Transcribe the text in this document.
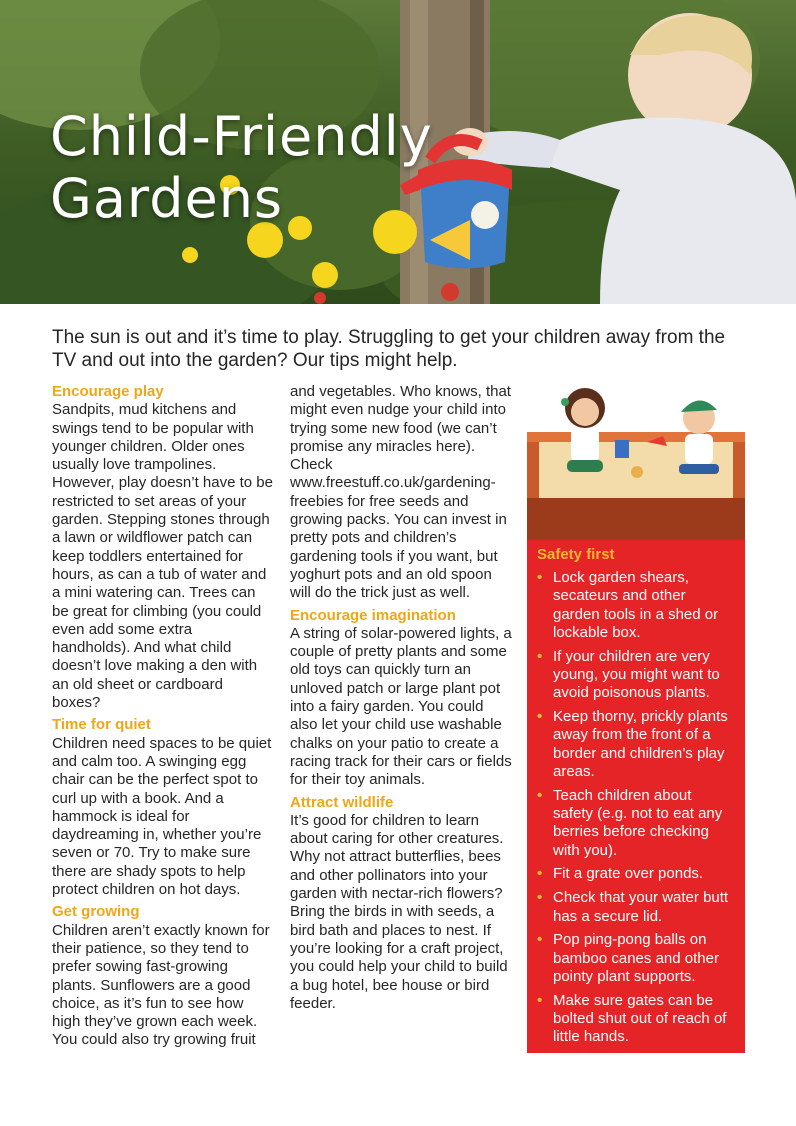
Child-Friendly
Gardens

The sun is out and it’s time to play. Struggling to get your children away from the TV and out into the garden? Our tips might help.

Encourage play

Sandpits, mud kitchens and swings tend to be popular with younger children. Older ones usually love trampolines. However, play doesn’t have to be restricted to set areas of your garden. Stepping stones through a lawn or wildflower patch can keep toddlers entertained for hours, as can a tub of water and a mini watering can. Trees can be great for climbing (you could even add some extra handholds). And what child doesn’t love making a den with an old sheet or cardboard boxes?

Time for quiet

Children need spaces to be quiet and calm too. A swinging egg chair can be the perfect spot to curl up with a book. And a hammock is ideal for daydreaming in, whether you’re seven or 70. Try to make sure there are shady spots to help protect children on hot days.

Get growing

Children aren’t exactly known for their patience, so they tend to prefer sowing fast-growing plants. Sunflowers are a good choice, as it’s fun to see how high they’ve grown each week. You could also try growing fruit

and vegetables. Who knows, that might even nudge your child into trying some new food (we can’t promise any miracles here). Check www.freestuff.co.uk/gardening-freebies for free seeds and growing packs. You can invest in pretty pots and children’s gardening tools if you want, but yoghurt pots and an old spoon will do the trick just as well.

Encourage imagination

A string of solar-powered lights, a couple of pretty plants and some old toys can quickly turn an unloved patch or large plant pot into a fairy garden. You could also let your child use washable chalks on your patio to create a racing track for their cars or fields for their toy animals.

Attract wildlife

It’s good for children to learn about caring for other creatures. Why not attract butterflies, bees and other pollinators into your garden with nectar-rich flowers? Bring the birds in with seeds, a bird bath and places to nest. If you’re looking for a craft project, you could help your child to build a bug hotel, bee house or bird feeder.

Safety first
• Lock garden shears, secateurs and other garden tools in a shed or lockable box.
• If your children are very young, you might want to avoid poisonous plants.
• Keep thorny, prickly plants away from the front of a border and children’s play areas.
• Teach children about safety (e.g. not to eat any berries before checking with you).
• Fit a grate over ponds.
• Check that your water butt has a secure lid.
• Pop ping-pong balls on bamboo canes and other pointy plant supports.
• Make sure gates can be bolted shut out of reach of little hands.
